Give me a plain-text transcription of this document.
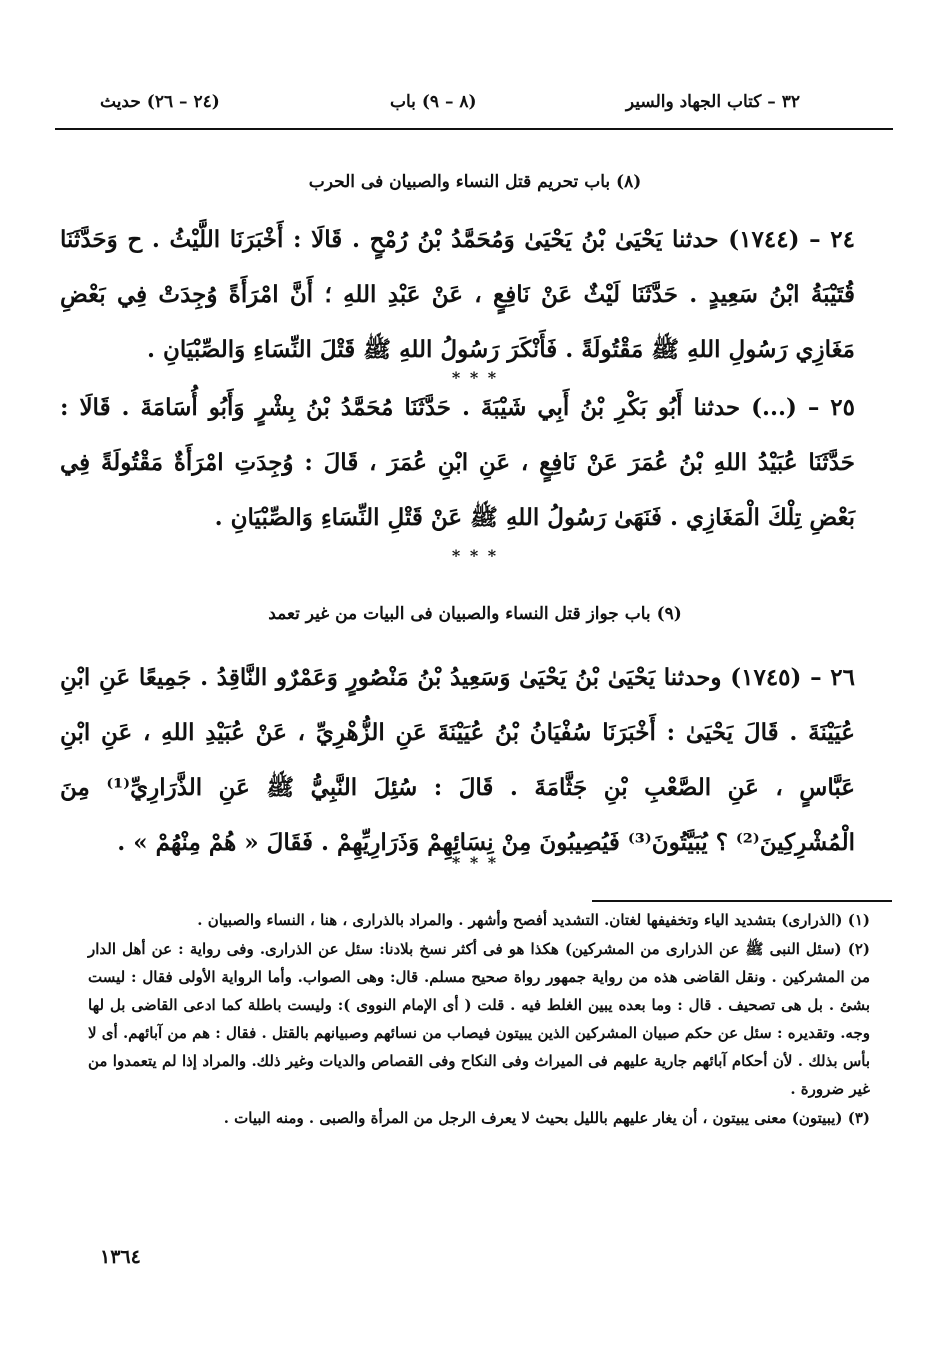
٣٢ – كتاب الجهاد والسير
(٨ – ٩) باب
(٢٤ – ٢٦) حديث
(٨) باب تحريم قتل النساء والصبيان فى الحرب
٢٤ – (١٧٤٤) حدثنا يَحْيَىٰ بْنُ يَحْيَىٰ وَمُحَمَّدُ بْنُ رُمْحٍ . قَالَا : أَخْبَرَنَا اللَّيْثُ . ح وَحَدَّثَنَا قُتَيْبَةُ ابْنُ سَعِيدٍ . حَدَّثَنَا لَيْثٌ عَنْ نَافِعٍ ، عَنْ عَبْدِ اللهِ ؛ أَنَّ امْرَأَةً وُجِدَتْ فِي بَعْضِ مَغَازِي رَسُولِ اللهِ ﷺ مَقْتُولَةً . فَأَنْكَرَ رَسُولُ اللهِ ﷺ قَتْلَ النِّسَاءِ وَالصِّبْيَانِ .
* * *
٢٥ – (...) حدثنا أَبُو بَكْرِ بْنُ أَبِي شَيْبَةَ . حَدَّثَنَا مُحَمَّدُ بْنُ بِشْرٍ وَأَبُو أُسَامَةَ . قَالَا : حَدَّثَنَا عُبَيْدُ اللهِ بْنُ عُمَرَ عَنْ نَافِعٍ ، عَنِ ابْنِ عُمَرَ ، قَالَ : وُجِدَتِ امْرَأَةٌ مَقْتُولَةً فِي بَعْضِ تِلْكَ الْمَغَازِي . فَنَهَىٰ رَسُولُ اللهِ ﷺ عَنْ قَتْلِ النِّسَاءِ وَالصِّبْيَانِ .
* * *
(٩) باب جواز قتل النساء والصبيان فى البيات من غير تعمد
٢٦ – (١٧٤٥) وحدثنا يَحْيَىٰ بْنُ يَحْيَىٰ وَسَعِيدُ بْنُ مَنْصُورٍ وَعَمْرٌو النَّاقِدُ . جَمِيعًا عَنِ ابْنِ عُيَيْنَةَ . قَالَ يَحْيَىٰ : أَخْبَرَنَا سُفْيَانُ بْنُ عُيَيْنَةَ عَنِ الزُّهْرِيِّ ، عَنْ عُبَيْدِ اللهِ ، عَنِ ابْنِ عَبَّاسٍ ، عَنِ الصَّعْبِ بْنِ جَثَّامَةَ . قَالَ : سُئِلَ النَّبِيُّ ﷺ عَنِ الذَّرَارِيِّ⁽¹⁾ مِنَ الْمُشْرِكِينَ⁽²⁾ ؟ يُبَيَّتُونَ⁽³⁾ فَيُصِيبُونَ مِنْ نِسَائِهِمْ وَذَرَارِيِّهِمْ . فَقَالَ « هُمْ مِنْهُمْ » .
* * *

(١) (الذرارى) بتشديد الياء وتخفيفها لغتان. التشديد أفصح وأشهر . والمراد بالذرارى ، هنا ، النساء والصبيان .

(٢) (سئل النبى ﷺ عن الذرارى من المشركين) هكذا هو فى أكثر نسخ بلادنا: سئل عن الذرارى. وفى رواية : عن أهل الدار من المشركين . ونقل القاضى هذه من رواية جمهور رواة صحيح مسلم. قال: وهى الصواب. وأما الرواية الأولى فقال : ليست بشئ . بل هى تصحيف . قال : وما بعده يبين الغلط فيه . قلت ( أى الإمام النووى ): وليست باطلة كما ادعى القاضى بل لها وجه. وتقديره : سئل عن حكم صبيان المشركين الذين يبيتون فيصاب من نسائهم وصبيانهم بالقتل . فقال : هم من آبائهم. أى لا بأس بذلك . لأن أحكام آبائهم جارية عليهم فى الميراث وفى النكاح وفى القصاص والديات وغير ذلك. والمراد إذا لم يتعمدوا من غير ضرورة .

(٣) (يبيتون) معنى يبيتون ، أن يغار عليهم بالليل بحيث لا يعرف الرجل من المرأة والصبى . ومنه البيات .

١٣٦٤
